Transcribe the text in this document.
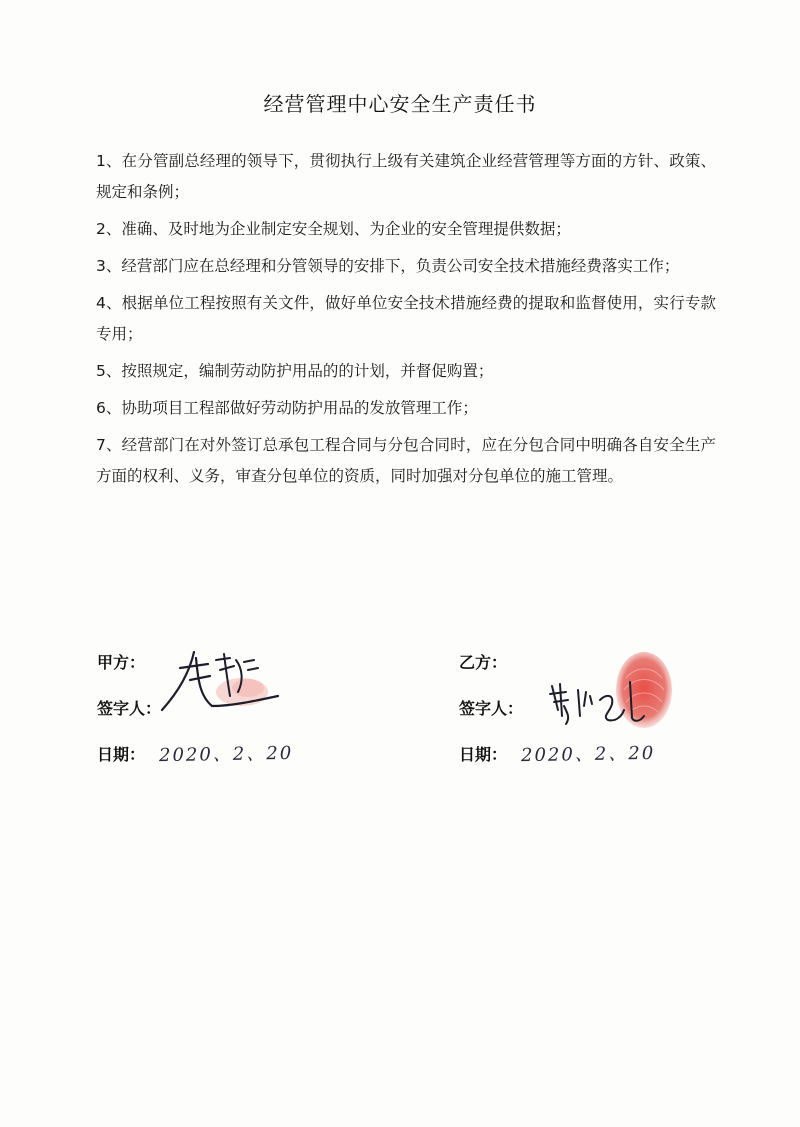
经营管理中心安全生产责任书

1、在分管副总经理的领导下，贯彻执行上级有关建筑企业经营管理等方面的方针、政策、规定和条例；

2、准确、及时地为企业制定安全规划、为企业的安全管理提供数据；

3、经营部门应在总经理和分管领导的安排下，负责公司安全技术措施经费落实工作；

4、根据单位工程按照有关文件，做好单位安全技术措施经费的提取和监督使用，实行专款专用；

5、按照规定，编制劳动防护用品的的计划，并督促购置；

6、协助项目工程部做好劳动防护用品的发放管理工作；

7、经营部门在对外签订总承包工程合同与分包合同时，应在分包合同中明确各自安全生产方面的权利、义务，审查分包单位的资质，同时加强对分包单位的施工管理。

甲方：
签字人：
日期： 2020、2、20
乙方：
签字人：
日期： 2020、2、20
